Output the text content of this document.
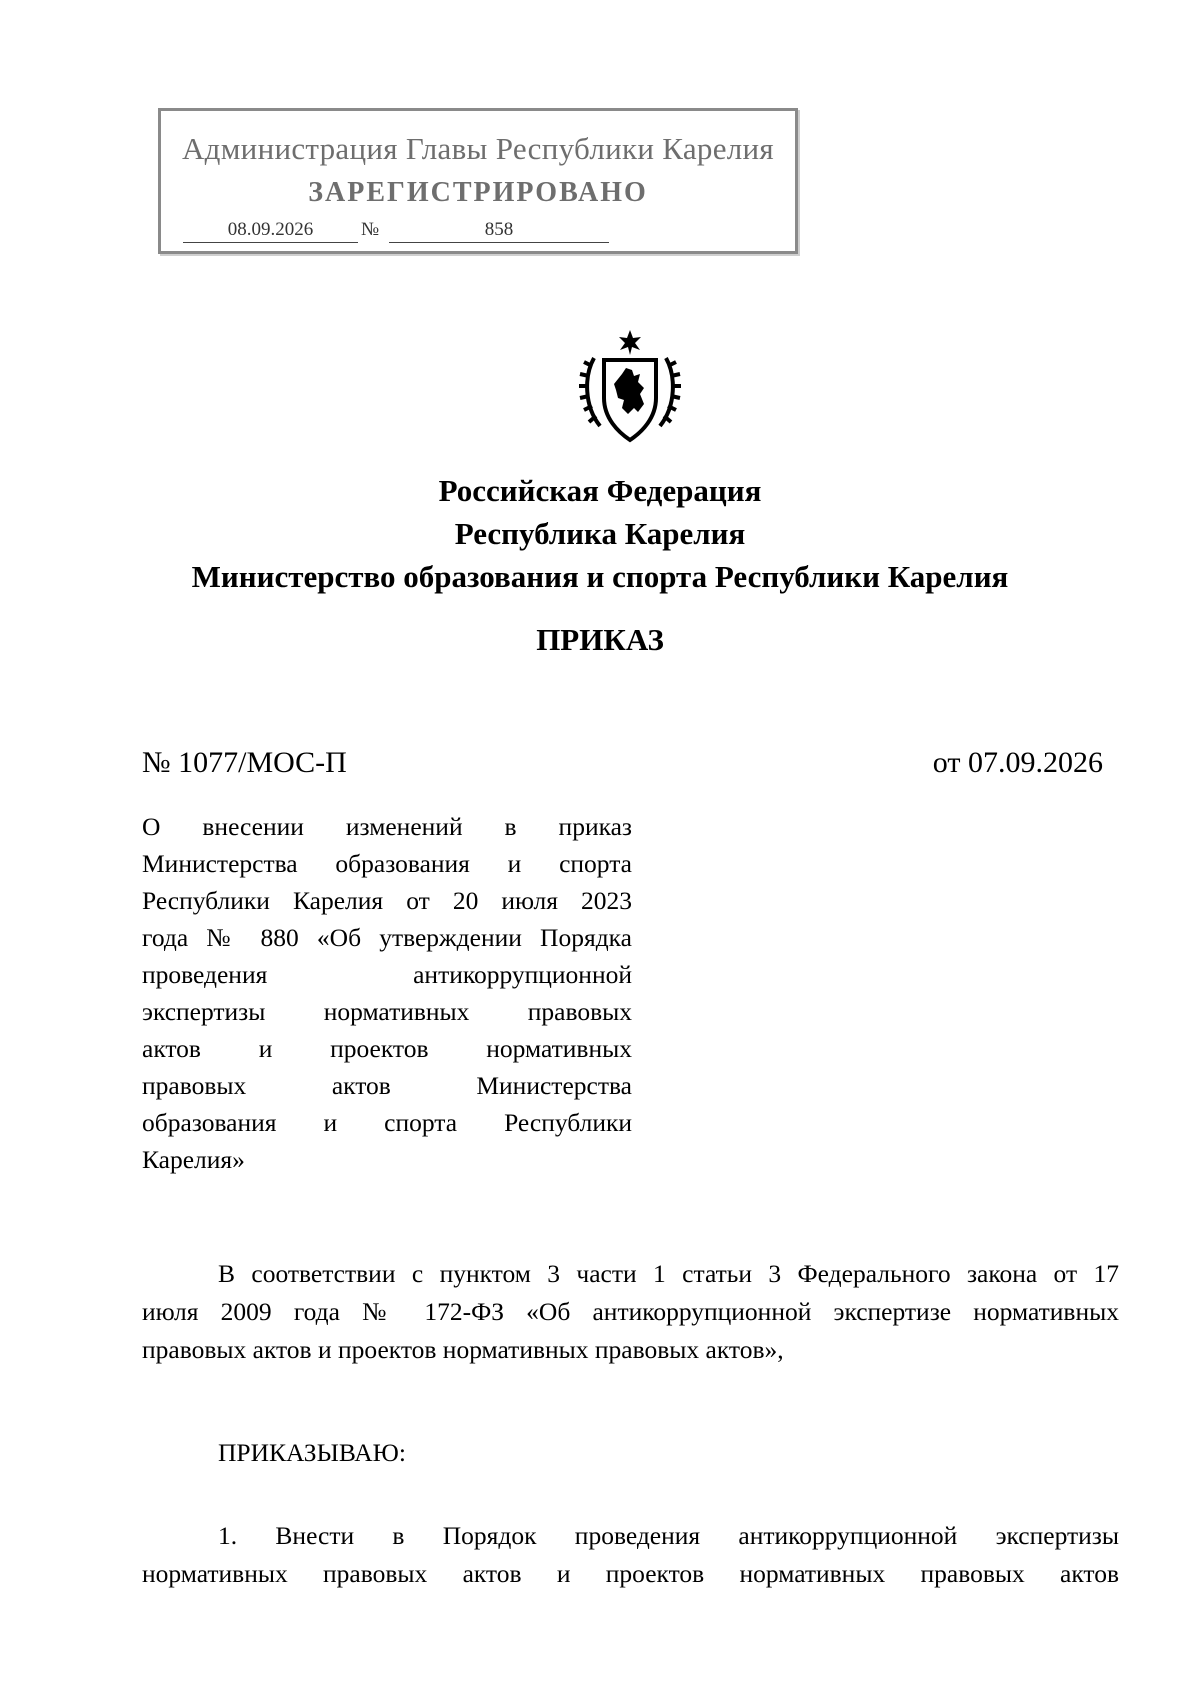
Администрация Главы Республики Карелия
ЗАРЕГИСТРИРОВАНО
08.09.2026	№	858
Российская Федерация
Республика Карелия
Министерство образования и спорта Республики Карелия
ПРИКАЗ
№ 1077/МОС-П	от 07.09.2026
О внесении изменений в приказ
Министерства образования и спорта
Республики Карелия от 20 июля 2023
года № 880 «Об утверждении Порядка
проведения антикоррупционной
экспертизы нормативных правовых
актов и проектов нормативных
правовых актов Министерства
образования и спорта Республики
Карелия»
В соответствии с пунктом 3 части 1 статьи 3 Федерального закона от 17
июля 2009 года № 172-ФЗ «Об антикоррупционной экспертизе нормативных
правовых актов и проектов нормативных правовых актов»,
ПРИКАЗЫВАЮ:
1. Внести в Порядок проведения антикоррупционной экспертизы
нормативных правовых актов и проектов нормативных правовых актов
